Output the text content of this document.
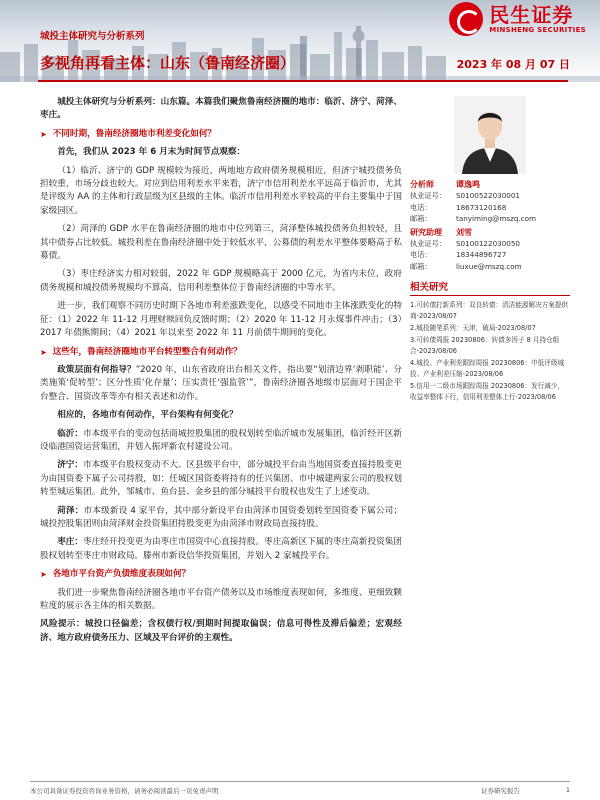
民生证券
MINSHENG SECURITIES
城投主体研究与分析系列
多视角再看主体：山东（鲁南经济圈）	2023 年 08 月 07 日

城投主体研究与分析系列：山东篇。本篇我们聚焦鲁南经济圈的地市：临沂、济宁、菏泽、枣庄。

➤ 不同时期，鲁南经济圈地市利差变化如何？

首先，我们从 2023 年 6 月末为时间节点观察：

（1）临沂、济宁的 GDP 规模较为接近，两地地方政府债务规模相近，但济宁城投债务负担较重，市场分歧也较大。对应到信用利差水平来看，济宁市信用利差水平远高于临沂市，尤其是评级为 AA 的主体和行政层级为区县级的主体。临沂市信用利差水平较高的平台主要集中于国家级园区。

（2）菏泽的 GDP 水平在鲁南经济圈的地市中位列第三，菏泽整体城投债务负担较轻，且其中债券占比较低。城投利差在鲁南经济圈中处于较低水平，公募债的利差水平整体要略高于私募债。

（3）枣庄经济实力相对较弱，2022 年 GDP 规模略高于 2000 亿元，为省内末位，政府债务规模和城投债务规模均不算高，信用利差整体位于鲁南经济圈的中等水平。

进一步，我们观察不同历史时期下各地市利差涨跌变化，以感受不同地市主体涨跌变化的特征：（1）2022 年 11-12 月理财赎回负反馈时期；（2）2020 年 11-12 月永煤事件冲击；（3）2017 年债熊期间；（4）2021 年以来至 2022 年 11 月前债牛期间的变化。

➤ 这些年，鲁南经济圈地市平台转型整合有何动作？

政策层面有何指导？”2020 年，山东省政府出台相关文件，指出要“划清边界‘剥职能’、分类施策‘促转型’；区分性质‘化存量’；压实责任‘强监管’”，鲁南经济圈各地级市层面对于国企平台整合、国资改革等亦有相关表述和动作。

相应的，各地市有何动作，平台架构有何变化？

临沂：市本级平台的变动包括商城控股集团的股权划转至临沂城市发展集团，临沂经开区新设临港国资运营集团，并划入振坪新农村建设公司。

济宁：市本级平台股权变动不大。区县级平台中，部分城投平台由当地国资委直接持股变更为由国资委下属子公司持股，如：任城区国资委将持有的任兴集团、市中城建两家公司的股权划转至城运集团。此外，邹城市、鱼台县、金乡县的部分城投平台股权也发生了上述变动。

菏泽：市本级新设 4 家平台，其中部分新设平台由菏泽市国资委划转至国资委下属公司；城投控股集团则由菏泽财金投资集团持股变更为由菏泽市财政局直接持股。

枣庄：枣庄经开投变更为由枣庄市国资中心直接持股。枣庄高新区下属的枣庄高新投资集团股权划转至枣庄市财政局。滕州市新设信华投资集团，并划入 2 家城投平台。

➤ 各地市平台资产负债维度表现如何？

我们进一步聚焦鲁南经济圈各地市平台资产债务以及市场维度表现如何，多维度、更细致颗粒度的展示各主体的相关数据。

风险提示：城投口径偏差；含权债行权/到期时间提取偏误；信息可得性及滞后偏差；宏观经济、地方政府债务压力、区域及平台评价的主观性。

分析师	谭逸鸣
执业证号：	S0100522030001
电话：	18673120168
邮箱：	tanyiming@mszq.com
研究助理	刘雪
执业证号：	S0100122030050
电话：	18344896727
邮箱：	liuxue@mszq.com
相关研究
1.可转债打新系列：双良转债：清洁能源解决方案提供商-2023/08/07
2.城投随笔系列：天津，破局-2023/08/07
3.可转债周报 20230806：转债多因子 8 月持仓组合-2023/08/06
4.城投、产业利差跟踪周报 20230806：中低评级城投、产业利差压缩-2023/08/06
5.信用一二级市场跟踪周报 20230806：发行减少，收益率整体下行，信用利差整体上行-2023/08/06
本公司具备证券投资咨询业务资格，请务必阅读最后一页免责声明	证券研究报告	1
